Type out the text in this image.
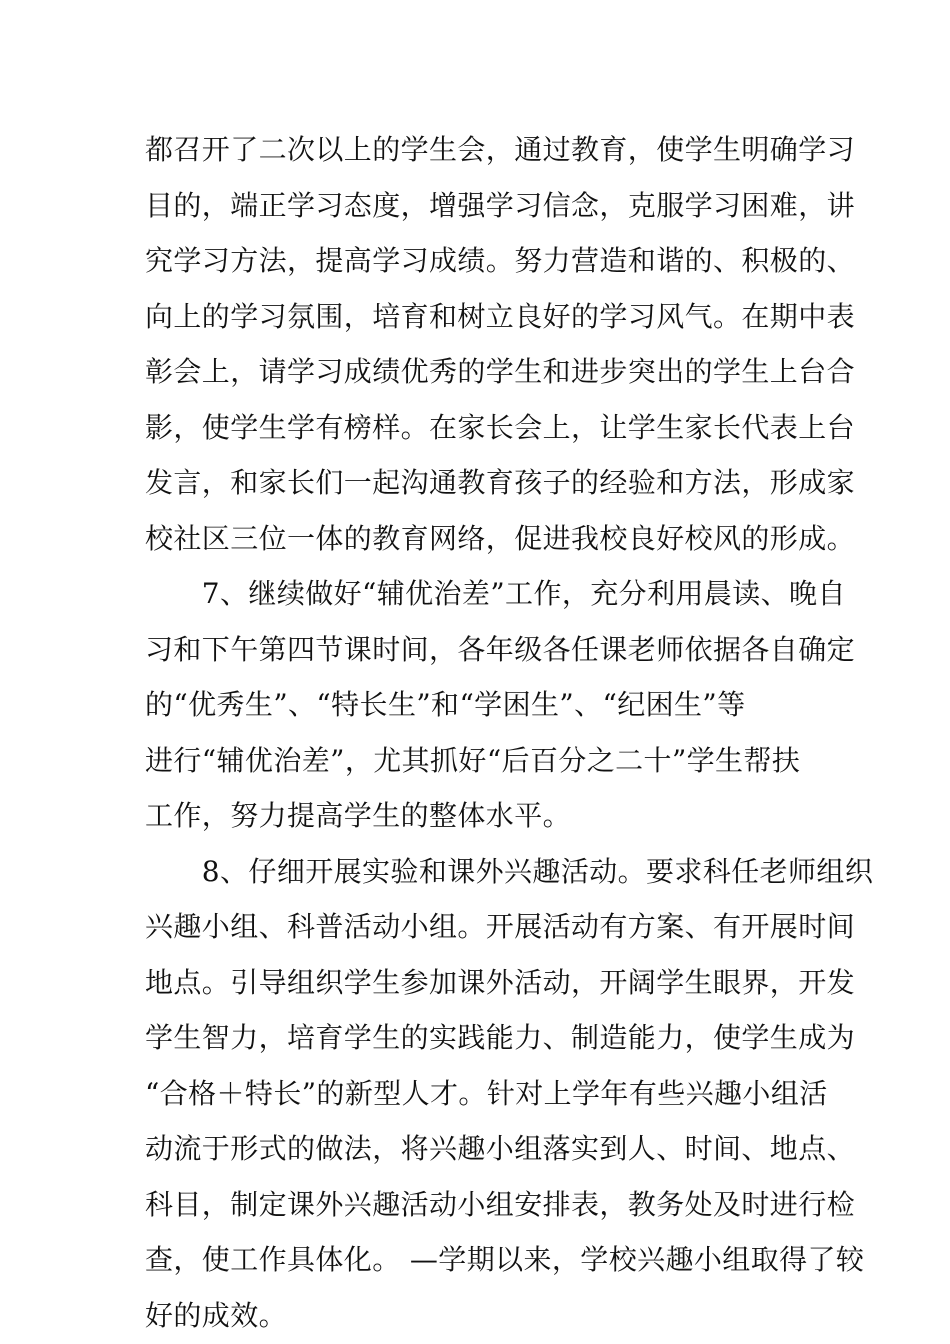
都召开了二次以上的学生会，通过教育，使学生明确学习
目的，端正学习态度，增强学习信念，克服学习困难，讲
究学习方法，提高学习成绩。努力营造和谐的、积极的、
向上的学习氛围，培育和树立良好的学习风气。在期中表
彰会上，请学习成绩优秀的学生和进步突出的学生上台合
影，使学生学有榜样。在家长会上，让学生家长代表上台
发言，和家长们一起沟通教育孩子的经验和方法，形成家
校社区三位一体的教育网络，促进我校良好校风的形成。
　　7、继续做好“辅优治差”工作，充分利用晨读、晚自
习和下午第四节课时间，各年级各任课老师依据各自确定
的“优秀生”、“特长生”和“学困生”、“纪困生”等
进行“辅优治差”，尤其抓好“后百分之二十”学生帮扶
工作，努力提高学生的整体水平。
　　8、仔细开展实验和课外兴趣活动。要求科任老师组织
兴趣小组、科普活动小组。开展活动有方案、有开展时间
地点。引导组织学生参加课外活动，开阔学生眼界，开发
学生智力，培育学生的实践能力、制造能力，使学生成为
“合格＋特长”的新型人才。针对上学年有些兴趣小组活
动流于形式的做法，将兴趣小组落实到人、时间、地点、
科目，制定课外兴趣活动小组安排表，教务处及时进行检
查，使工作具体化。 —学期以来，学校兴趣小组取得了较
好的成效。
